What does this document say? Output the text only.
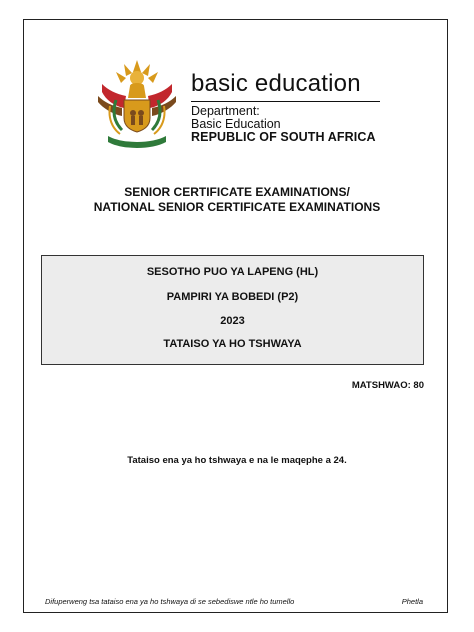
basic education
Department:
Basic Education
REPUBLIC OF SOUTH AFRICA
SENIOR CERTIFICATE EXAMINATIONS/
NATIONAL SENIOR CERTIFICATE EXAMINATIONS
SESOTHO PUO YA LAPENG (HL)
PAMPIRI YA BOBEDI (P2)
2023
TATAISO YA HO TSHWAYA
MATSHWAO: 80
Tataiso ena ya ho tshwaya e na le maqephe a 24.
Difuperweng tsa tataiso ena ya ho tshwaya di se sebediswe ntle ho tumello	Phetla
